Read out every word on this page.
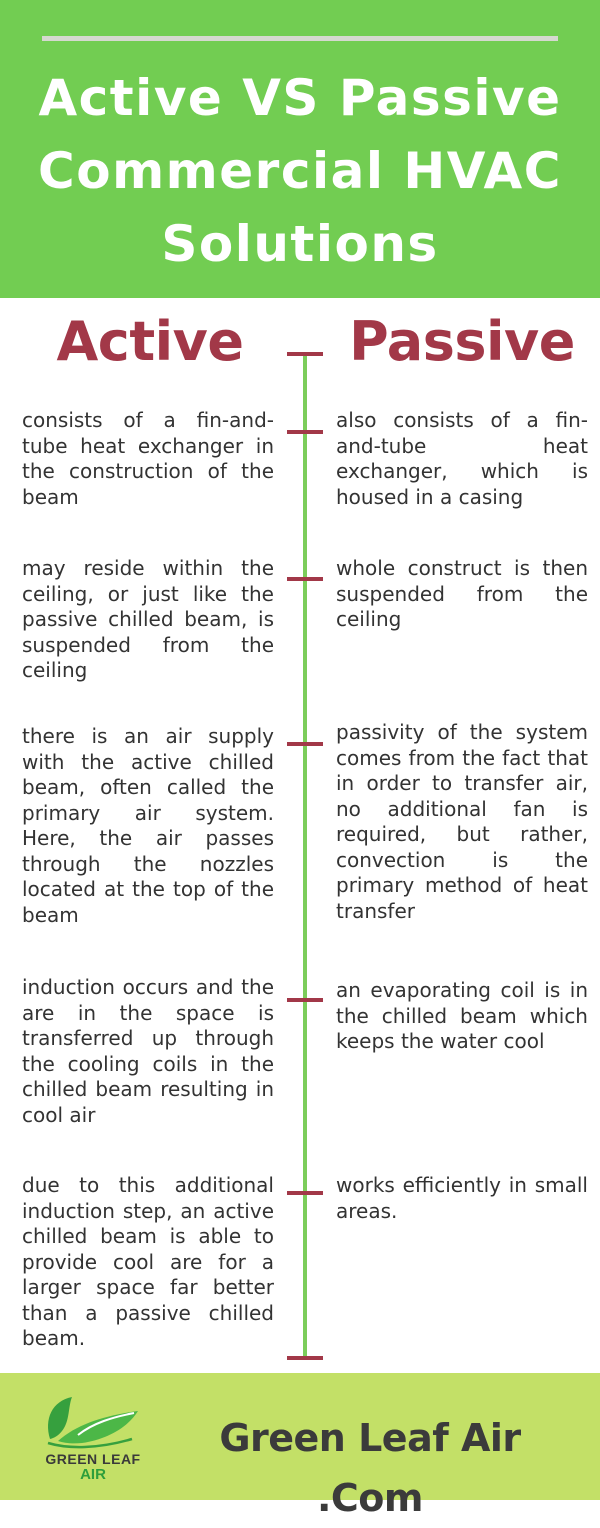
Active VS Passive
Commercial HVAC
Solutions
Active	Passive
consists of a fin-and-tube heat exchanger in the construction of the beam
also consists of a fin-and-tube heat exchanger, which is housed in a casing
may reside within the ceiling, or just like the passive chilled beam, is suspended from the ceiling
whole construct is then suspended from the ceiling
there is an air supply with the active chilled beam, often called the primary air system. Here, the air passes through the nozzles located at the top of the beam
passivity of the system comes from the fact that in order to transfer air, no additional fan is required, but rather, convection is the primary method of heat transfer
induction occurs and the are in the space is transferred up through the cooling coils in the chilled beam resulting in cool air
an evaporating coil is in the chilled beam which keeps the water cool
due to this additional induction step, an active chilled beam is able to provide cool are for a larger space far better than a passive chilled beam.
works efficiently in small areas.
GREEN LEAF
AIR
Green Leaf Air .Com
